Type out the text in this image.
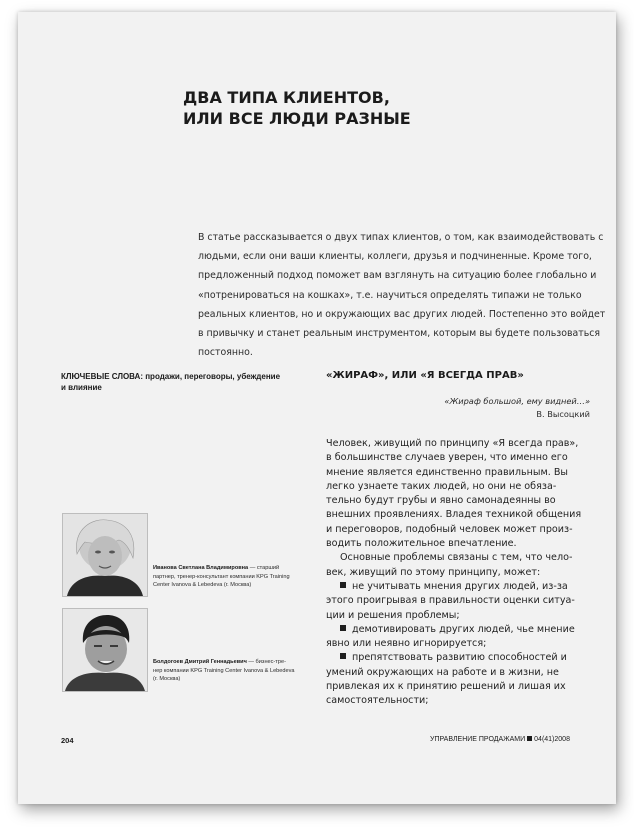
ДВА ТИПА КЛИЕНТОВ,
ИЛИ ВСЕ ЛЮДИ РАЗНЫЕ
В статье рассказывается о двух типах клиентов, о том, как взаимодействовать с
людьми, если они ваши клиенты, коллеги, друзья и подчиненные. Кроме того,
предложенный подход поможет вам взглянуть на ситуацию более глобально и
«потренироваться на кошках», т.е. научиться определять типажи не только
реальных клиентов, но и окружающих вас других людей. Постепенно это войдет
в привычку и станет реальным инструментом, которым вы будете пользоваться
постоянно.
КЛЮЧЕВЫЕ СЛОВА: продажи, переговоры, убеждение
и влияние
«ЖИРАФ», ИЛИ «Я ВСЕГДА ПРАВ»
«Жираф большой, ему видней…»
В. Высоцкий
Человек, живущий по принципу «Я всегда прав»,
в большинстве случаев уверен, что именно его
мнение является единственно правильным. Вы
легко узнаете таких людей, но они не обяза-
тельно будут грубы и явно самонадеянны во
внешних проявлениях. Владея техникой общения
и переговоров, подобный человек может произ-
водить положительное впечатление.
Основные проблемы связаны с тем, что чело-
век, живущий по этому принципу, может:
не учитывать мнения других людей, из-за
этого проигрывая в правильности оценки ситуа-
ции и решения проблемы;
демотивировать других людей, чье мнение
явно или неявно игнорируется;
препятствовать развитию способностей и
умений окружающих на работе и в жизни, не
привлекая их к принятию решений и лишая их
самостоятельности;
Иванова Светлана Владимировна — старший
партнер, тренер-консультант компании KPG Training
Center Ivanova & Lebedeva (г. Москва)
Болдогоев Дмитрий Геннадьевич — бизнес-тре-
нер компании KPG Training Center Ivanova & Lebedeva
(г. Москва)
204	УПРАВЛЕНИЕ ПРОДАЖАМИ 04(41)2008
